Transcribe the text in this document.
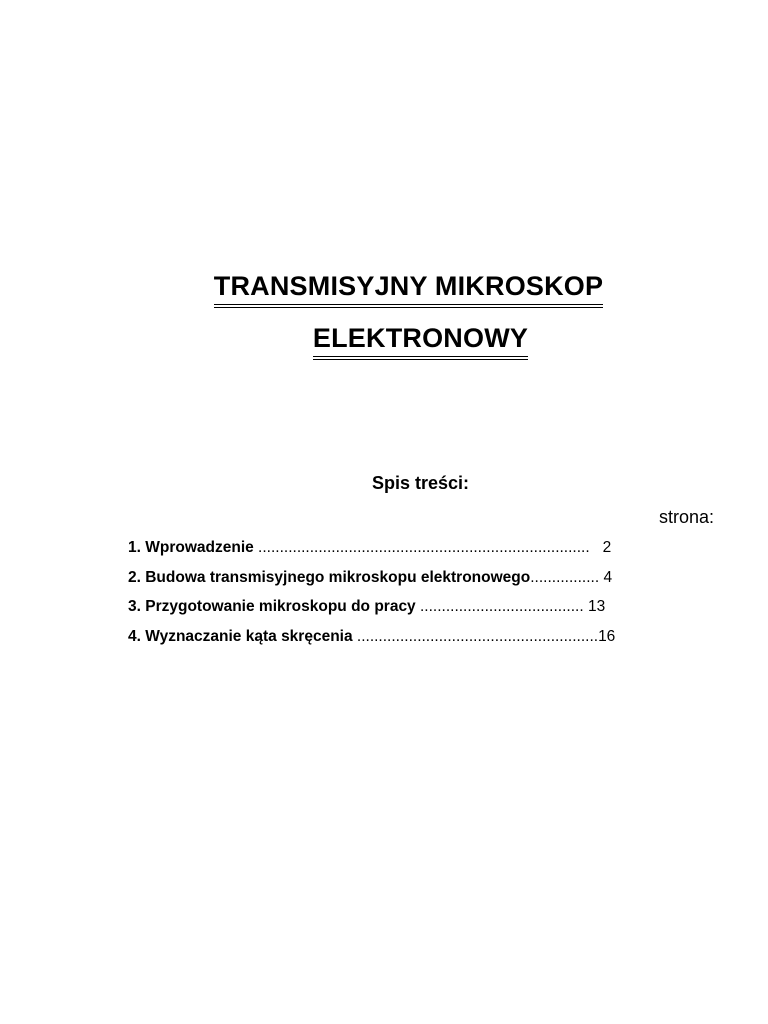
TRANSMISYJNY MIKROSKOP
ELEKTRONOWY
Spis treści:
strona:
1. Wprowadzenie ............................................................................. 2
2. Budowa transmisyjnego mikroskopu elektronowego ................ 4
3. Przygotowanie mikroskopu do pracy ...................................... 13
4. Wyznaczanie kąta skręcenia ........................................................ 16
